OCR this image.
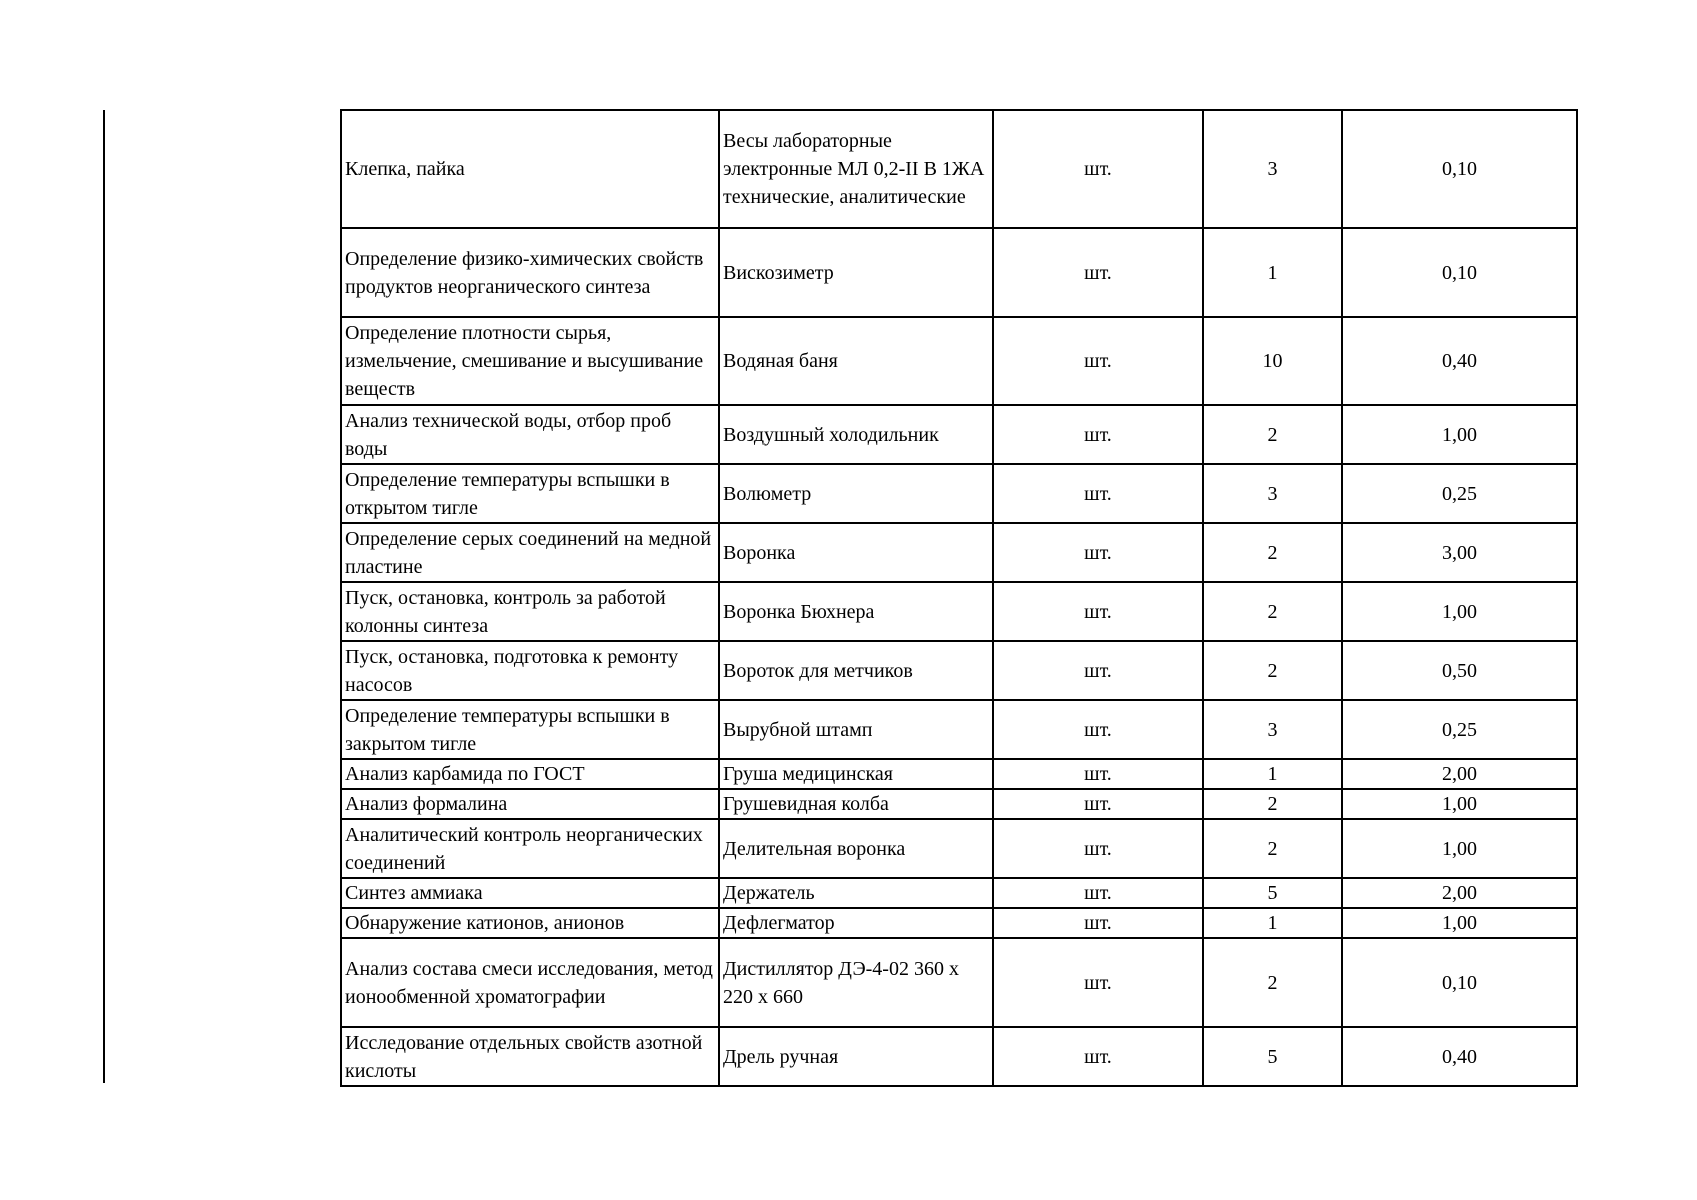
Клепка, пайка	Весы лабораторные электронные МЛ 0,2-II В 1ЖА технические, аналитические	шт.	3	0,10
Определение физико-химических свойств продуктов неорганического синтеза	Вискозиметр	шт.	1	0,10
Определение плотности сырья, измельчение, смешивание и высушивание веществ	Водяная баня	шт.	10	0,40
Анализ технической воды, отбор проб воды	Воздушный холодильник	шт.	2	1,00
Определение температуры вспышки в открытом тигле	Волюметр	шт.	3	0,25
Определение серых соединений на медной пластине	Воронка	шт.	2	3,00
Пуск, остановка, контроль за работой колонны синтеза	Воронка Бюхнера	шт.	2	1,00
Пуск, остановка, подготовка к ремонту насосов	Вороток для метчиков	шт.	2	0,50
Определение температуры вспышки в закрытом тигле	Вырубной штамп	шт.	3	0,25
Анализ карбамида по ГОСТ	Груша медицинская	шт.	1	2,00
Анализ формалина	Грушевидная колба	шт.	2	1,00
Аналитический контроль неорганических соединений	Делительная воронка	шт.	2	1,00
Синтез аммиака	Держатель	шт.	5	2,00
Обнаружение катионов, анионов	Дефлегматор	шт.	1	1,00
Анализ состава смеси исследования, метод ионообменной хроматографии	Дистиллятор ДЭ-4-02 360 х 220 х 660	шт.	2	0,10
Исследование отдельных свойств азотной кислоты	Дрель ручная	шт.	5	0,40
